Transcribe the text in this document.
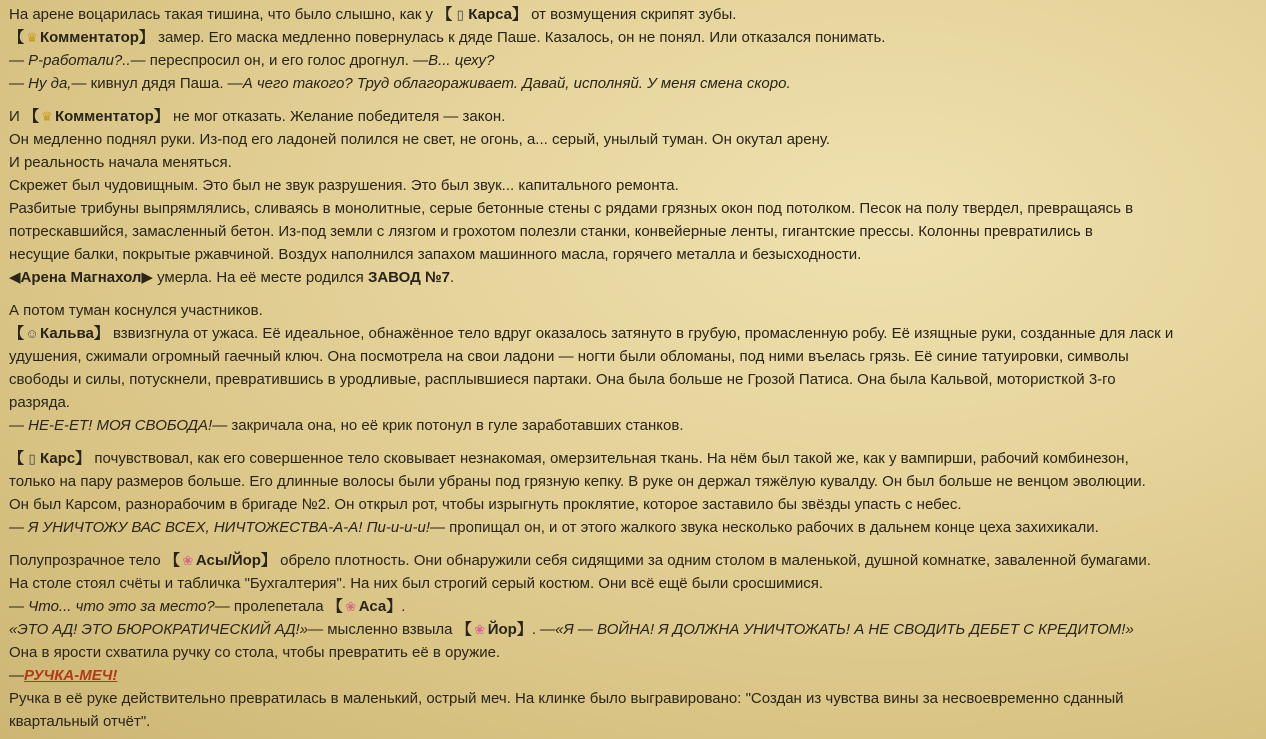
На арене воцарилась такая тишина, что было слышно, как у 【 ▯ Карса】 от возмущения скрипят зубы.
【 ♛ Комментатор】 замер. Его маска медленно повернулась к дяде Паше. Казалось, он не понял. Или отказался понимать.
— Р-работали?..— переспросил он, и его голос дрогнул. —В... цеху?
— Ну да,— кивнул дядя Паша. —А чего такого? Труд облагораживает. Давай, исполняй. У меня смена скоро.
И 【 ♛ Комментатор】 не мог отказать. Желание победителя — закон.
Он медленно поднял руки. Из-под его ладоней полился не свет, не огонь, а... серый, унылый туман. Он окутал арену.
И реальность начала меняться.
Скрежет был чудовищным. Это был не звук разрушения. Это был звук... капитального ремонта.
Разбитые трибуны выпрямлялись, сливаясь в монолитные, серые бетонные стены с рядами грязных окон под потолком. Песок на полу твердел, превращаясь в
потрескавшийся, замасленный бетон. Из-под земли с лязгом и грохотом полезли станки, конвейерные ленты, гигантские прессы. Колонны превратились в
несущие балки, покрытые ржавчиной. Воздух наполнился запахом машинного масла, горячего металла и безысходности.
◀Арена Магнахол▶ умерла. На её месте родился ЗАВОД №7.
А потом туман коснулся участников.
【☺Кальва】 взвизгнула от ужаса. Её идеальное, обнажённое тело вдруг оказалось затянуто в грубую, промасленную робу. Её изящные руки, созданные для ласк и
удушения, сжимали огромный гаечный ключ. Она посмотрела на свои ладони — ногти были обломаны, под ними въелась грязь. Её синие татуировки, символы
свободы и силы, потускнели, превратившись в уродливые, расплывшиеся партаки. Она была больше не Грозой Патиса. Она была Кальвой, мотористкой 3-го
разряда.
— НЕ-Е-ЕТ! МОЯ СВОБОДА!— закричала она, но её крик потонул в гуле заработавших станков.
【 ▯ Карс】 почувствовал, как его совершенное тело сковывает незнакомая, омерзительная ткань. На нём был такой же, как у вампирши, рабочий комбинезон,
только на пару размеров больше. Его длинные волосы были убраны под грязную кепку. В руке он держал тяжёлую кувалду. Он был больше не венцом эволюции.
Он был Карсом, разнорабочим в бригаде №2. Он открыл рот, чтобы изрыгнуть проклятие, которое заставило бы звёзды упасть с небес.
— Я УНИЧТОЖУ ВАС ВСЕХ, НИЧТОЖЕСТВА-А-А! Пи-и-и-и!— пропищал он, и от этого жалкого звука несколько рабочих в дальнем конце цеха захихикали.
Полупрозрачное тело 【 ❀ Асы/Йор】 обрело плотность. Они обнаружили себя сидящими за одним столом в маленькой, душной комнатке, заваленной бумагами.
На столе стоял счёты и табличка "Бухгалтерия". На них был строгий серый костюм. Они всё ещё были сросшимися.
— Что... что это за место?— пролепетала 【 ❀ Аса】.
«ЭТО АД! ЭТО БЮРОКРАТИЧЕСКИЙ АД!»— мысленно взвыла 【 ❀ Йор】. —«Я — ВОЙНА! Я ДОЛЖНА УНИЧТОЖАТЬ! А НЕ СВОДИТЬ ДЕБЕТ С КРЕДИТОМ!»
Она в ярости схватила ручку со стола, чтобы превратить её в оружие.
—РУЧКА-МЕЧ!
Ручка в её руке действительно превратилась в маленький, острый меч. На клинке было выгравировано: "Создан из чувства вины за несвоевременно сданный
квартальный отчёт".
